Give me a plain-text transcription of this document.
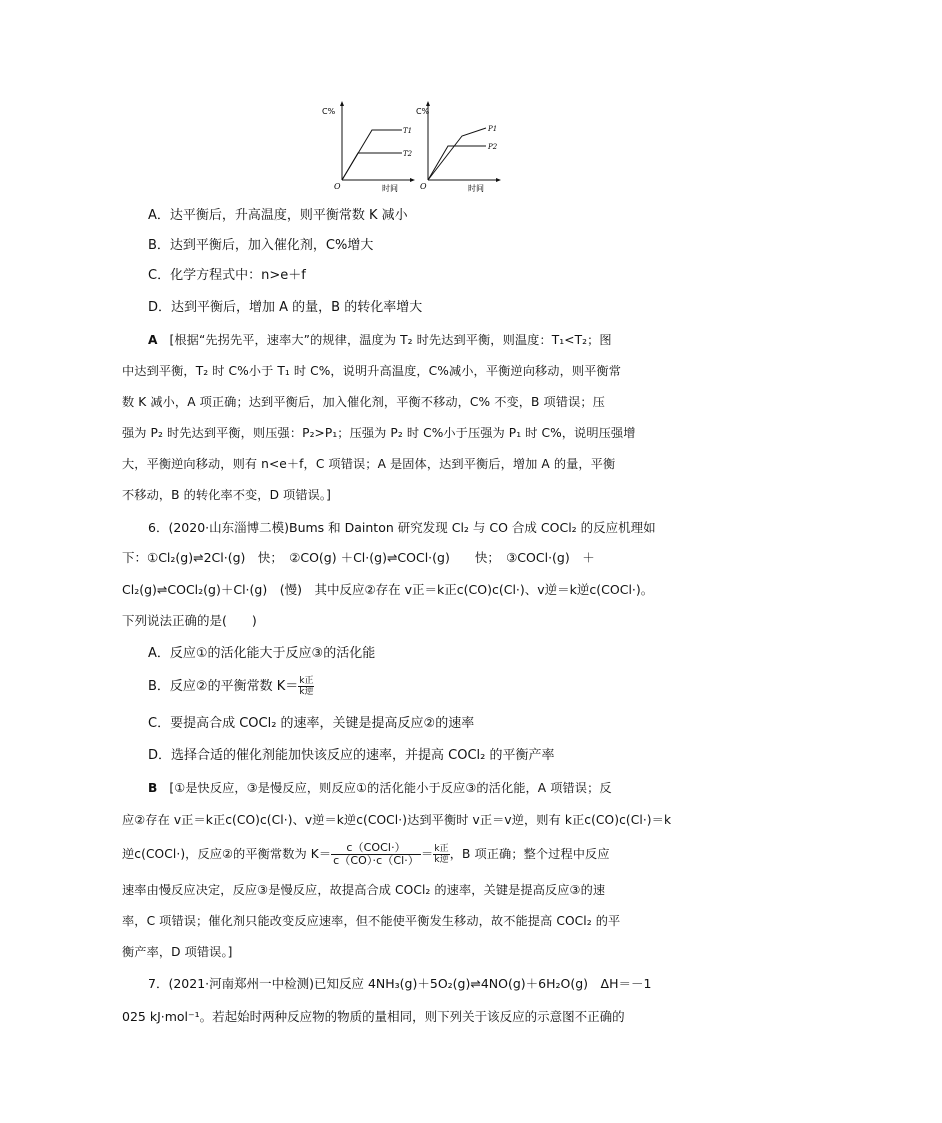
C%
O	时间
T1
T2
C%
O	时间
P1
P2
A．达平衡后，升高温度，则平衡常数 K 减小
B．达到平衡后，加入催化剂，C%增大
C．化学方程式中：n>e＋f
D．达到平衡后，增加 A 的量，B 的转化率增大
A [根据“先拐先平，速率大”的规律，温度为 T₂ 时先达到平衡，则温度：T₁<T₂；图
中达到平衡，T₂ 时 C%小于 T₁ 时 C%，说明升高温度，C%减小，平衡逆向移动，则平衡常
数 K 减小，A 项正确；达到平衡后，加入催化剂，平衡不移动，C% 不变，B 项错误；压
强为 P₂ 时先达到平衡，则压强：P₂>P₁；压强为 P₂ 时 C%小于压强为 P₁ 时 C%，说明压强增
大，平衡逆向移动，则有 n<e＋f，C 项错误；A 是固体，达到平衡后，增加 A 的量，平衡
不移动，B 的转化率不变，D 项错误。]
6．(2020·山东淄博二模)Bums 和 Dainton 研究发现 Cl₂ 与 CO 合成 COCl₂ 的反应机理如
下：①Cl₂(g)⇌2Cl·(g)　快；　②CO(g) ＋Cl·(g)⇌COCl·(g)　　快；　③COCl·(g)　＋
Cl₂(g)⇌COCl₂(g)＋Cl·(g)　(慢)　其中反应②存在 v正＝k正c(CO)c(Cl·)、v逆＝k逆c(COCl·)。
下列说法正确的是(　　)
A．反应①的活化能大于反应③的活化能
B．反应②的平衡常数 $K= \frac{\text{k正}}{\text{k逆}}$
C．要提高合成 COCl₂ 的速率，关键是提高反应②的速率
D．选择合适的催化剂能加快该反应的速率，并提高 COCl₂ 的平衡产率
B [①是快反应，③是慢反应，则反应①的活化能小于反应③的活化能，A 项错误；反
应②存在 v正＝k正c(CO)c(Cl·)、v逆＝k逆c(COCl·)达到平衡时 v正＝v逆，则有 k正c(CO)c(Cl·)＝k
逆c(COCl·)，反应②的平衡常数为 $K= \frac{\text{c（COCl·）}}{c(CO)\cdot c(Cl\cdot)} = \frac{\text{k正}}{\text{k逆}}$ ，B 项正确；整个过程中反应
速率由慢反应决定，反应③是慢反应，故提高合成 COCl₂ 的速率，关键是提高反应③的速
率，C 项错误；催化剂只能改变反应速率，但不能使平衡发生移动，故不能提高 COCl₂ 的平
衡产率，D 项错误。]
7．(2021·河南郑州一中检测)已知反应 4NH₃(g)＋5O₂(g)⇌4NO(g)＋6H₂O(g)　ΔH＝－1
025 kJ·mol⁻¹。若起始时两种反应物的物质的量相同，则下列关于该反应的示意图不正确的
